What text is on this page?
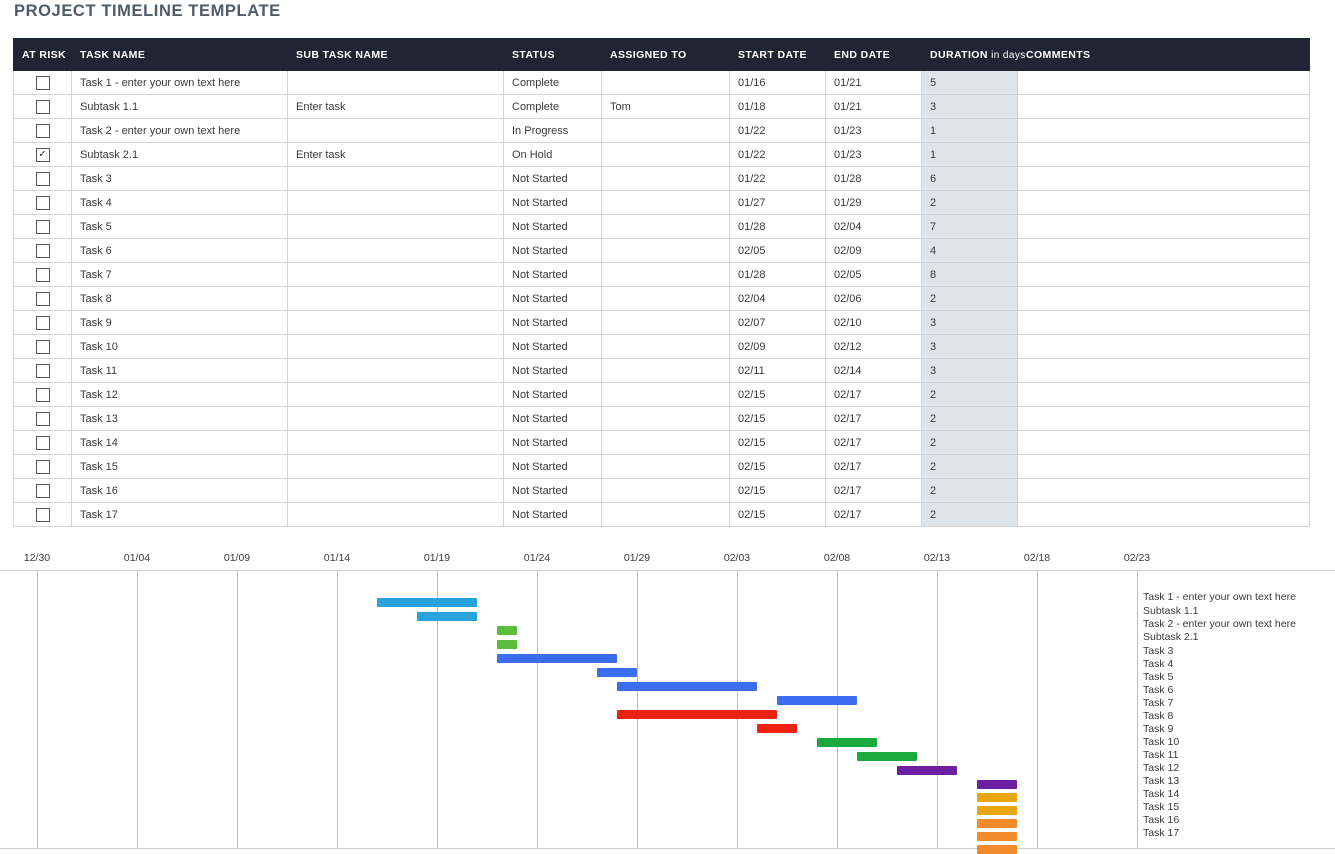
PROJECT TIMELINE TEMPLATE
AT RISK	TASK NAME	SUB TASK NAME	STATUS	ASSIGNED TO	START DATE	END DATE	DURATION in days	COMMENTS
	Task 1 - enter your own text here		Complete		01/16	01/21	5	
	Subtask 1.1	Enter task	Complete	Tom	01/18	01/21	3	
	Task 2 - enter your own text here		In Progress		01/22	01/23	1	
✓	Subtask 2.1	Enter task	On Hold		01/22	01/23	1	
	Task 3		Not Started		01/22	01/28	6	
	Task 4		Not Started		01/27	01/29	2	
	Task 5		Not Started		01/28	02/04	7	
	Task 6		Not Started		02/05	02/09	4	
	Task 7		Not Started		01/28	02/05	8	
	Task 8		Not Started		02/04	02/06	2	
	Task 9		Not Started		02/07	02/10	3	
	Task 10		Not Started		02/09	02/12	3	
	Task 11		Not Started		02/11	02/14	3	
	Task 12		Not Started		02/15	02/17	2	
	Task 13		Not Started		02/15	02/17	2	
	Task 14		Not Started		02/15	02/17	2	
	Task 15		Not Started		02/15	02/17	2	
	Task 16		Not Started		02/15	02/17	2	
	Task 17		Not Started		02/15	02/17	2	
12/30	01/04	01/09	01/14	01/19	01/24	01/29	02/03	02/08	02/13	02/18	02/23
Task 1 - enter your own text here
Subtask 1.1
Task 2 - enter your own text here
Subtask 2.1
Task 3
Task 4
Task 5
Task 6
Task 7
Task 8
Task 9
Task 10
Task 11
Task 12
Task 13
Task 14
Task 15
Task 16
Task 17
